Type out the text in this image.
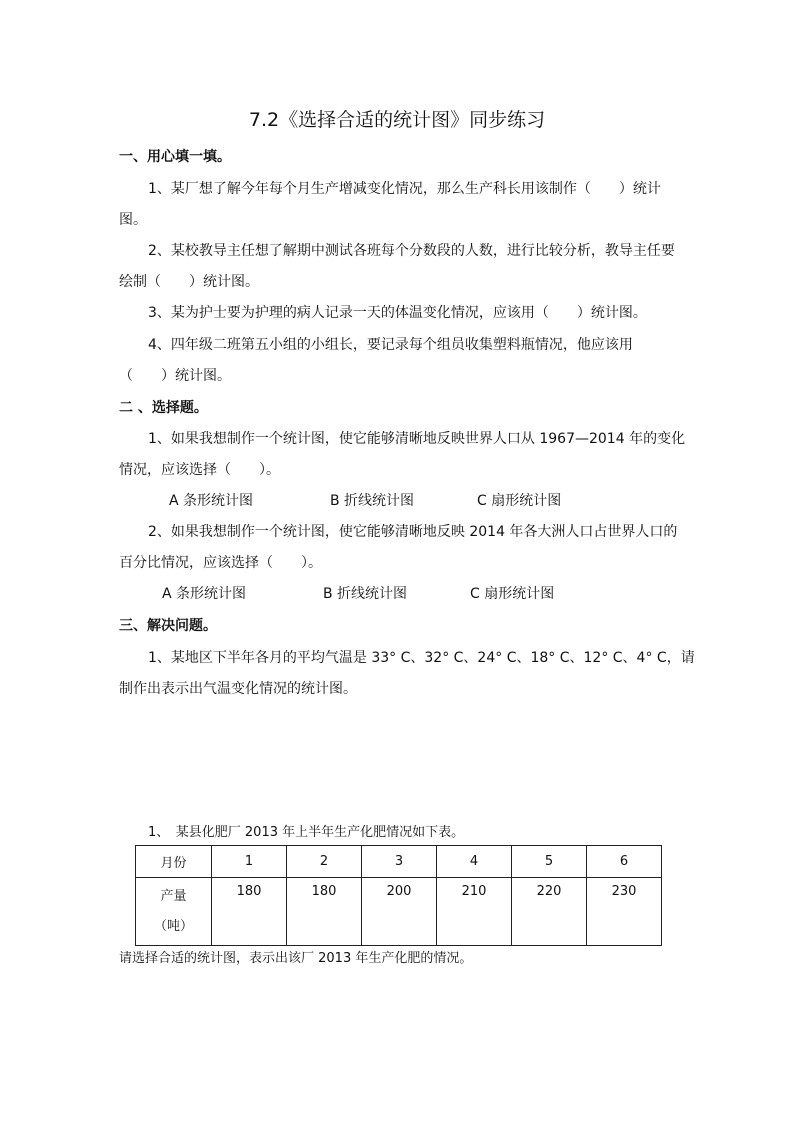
7.2《选择合适的统计图》同步练习
一、用心填一填。
1、某厂想了解今年每个月生产增减变化情况，那么生产科长用该制作（　　）统计
图。
2、某校教导主任想了解期中测试各班每个分数段的人数，进行比较分析，教导主任要
绘制（　　）统计图。
3、某为护士要为护理的病人记录一天的体温变化情况，应该用（　　）统计图。
4、四年级二班第五小组的小组长，要记录每个组员收集塑料瓶情况，他应该用
（　　）统计图。
二 、选择题。
1、如果我想制作一个统计图，使它能够清晰地反映世界人口从 1967—2014 年的变化
情况，应该选择（　　）。
A 条形统计图	B 折线统计图	C 扇形统计图
2、如果我想制作一个统计图，使它能够清晰地反映 2014 年各大洲人口占世界人口的
百分比情况，应该选择（　　）。
A 条形统计图	B 折线统计图	C 扇形统计图
三、解决问题。
1、某地区下半年各月的平均气温是 33° C、32° C、24° C、18° C、12° C、4° C，请
制作出表示出气温变化情况的统计图。
1、　某县化肥厂 2013 年上半年生产化肥情况如下表。
月份	1	2	3	4	5	6

产量
（吨）	180	180	200	210	220	230
请选择合适的统计图，表示出该厂 2013 年生产化肥的情况。
